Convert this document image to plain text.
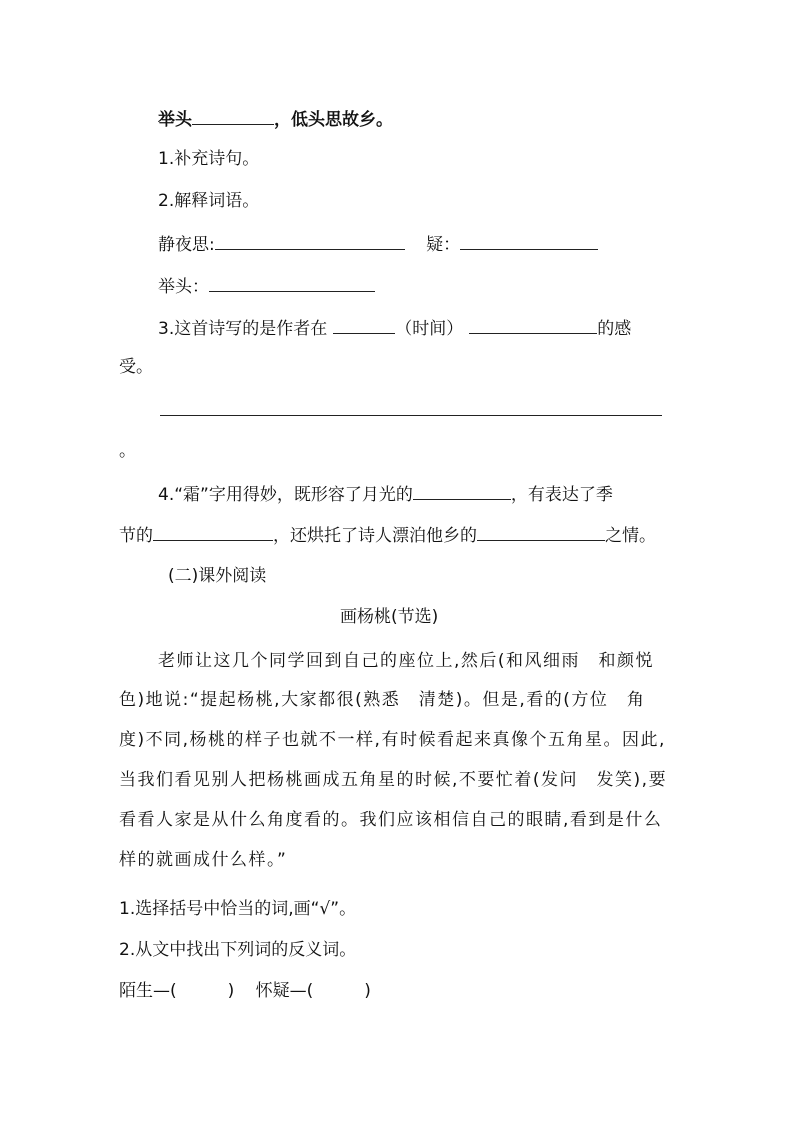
举头	，低头思故乡。
1.补充诗句。
2.解释词语。
静夜思:	疑：
举头：
3.这首诗写的是作者在	（时间）	的感
受。
。
4.“霜”字用得妙，既形容了月光的	，有表达了季
节的	，还烘托了诗人漂泊他乡的	之情。
(二)课外阅读
画杨桃(节选)
老师让这几个同学回到自己的座位上,然后(和风细雨　和颜悦
色)地说:“提起杨桃,大家都很(熟悉　清楚)。但是,看的(方位　角
度)不同,杨桃的样子也就不一样,有时候看起来真像个五角星。因此,
当我们看见别人把杨桃画成五角星的时候,不要忙着(发问　发笑),要
看看人家是从什么角度看的。我们应该相信自己的眼睛,看到是什么
样的就画成什么样。”
1.选择括号中恰当的词,画“√”。
2.从文中找出下列词的反义词。
陌生—(　　　) 怀疑—(　　　)
